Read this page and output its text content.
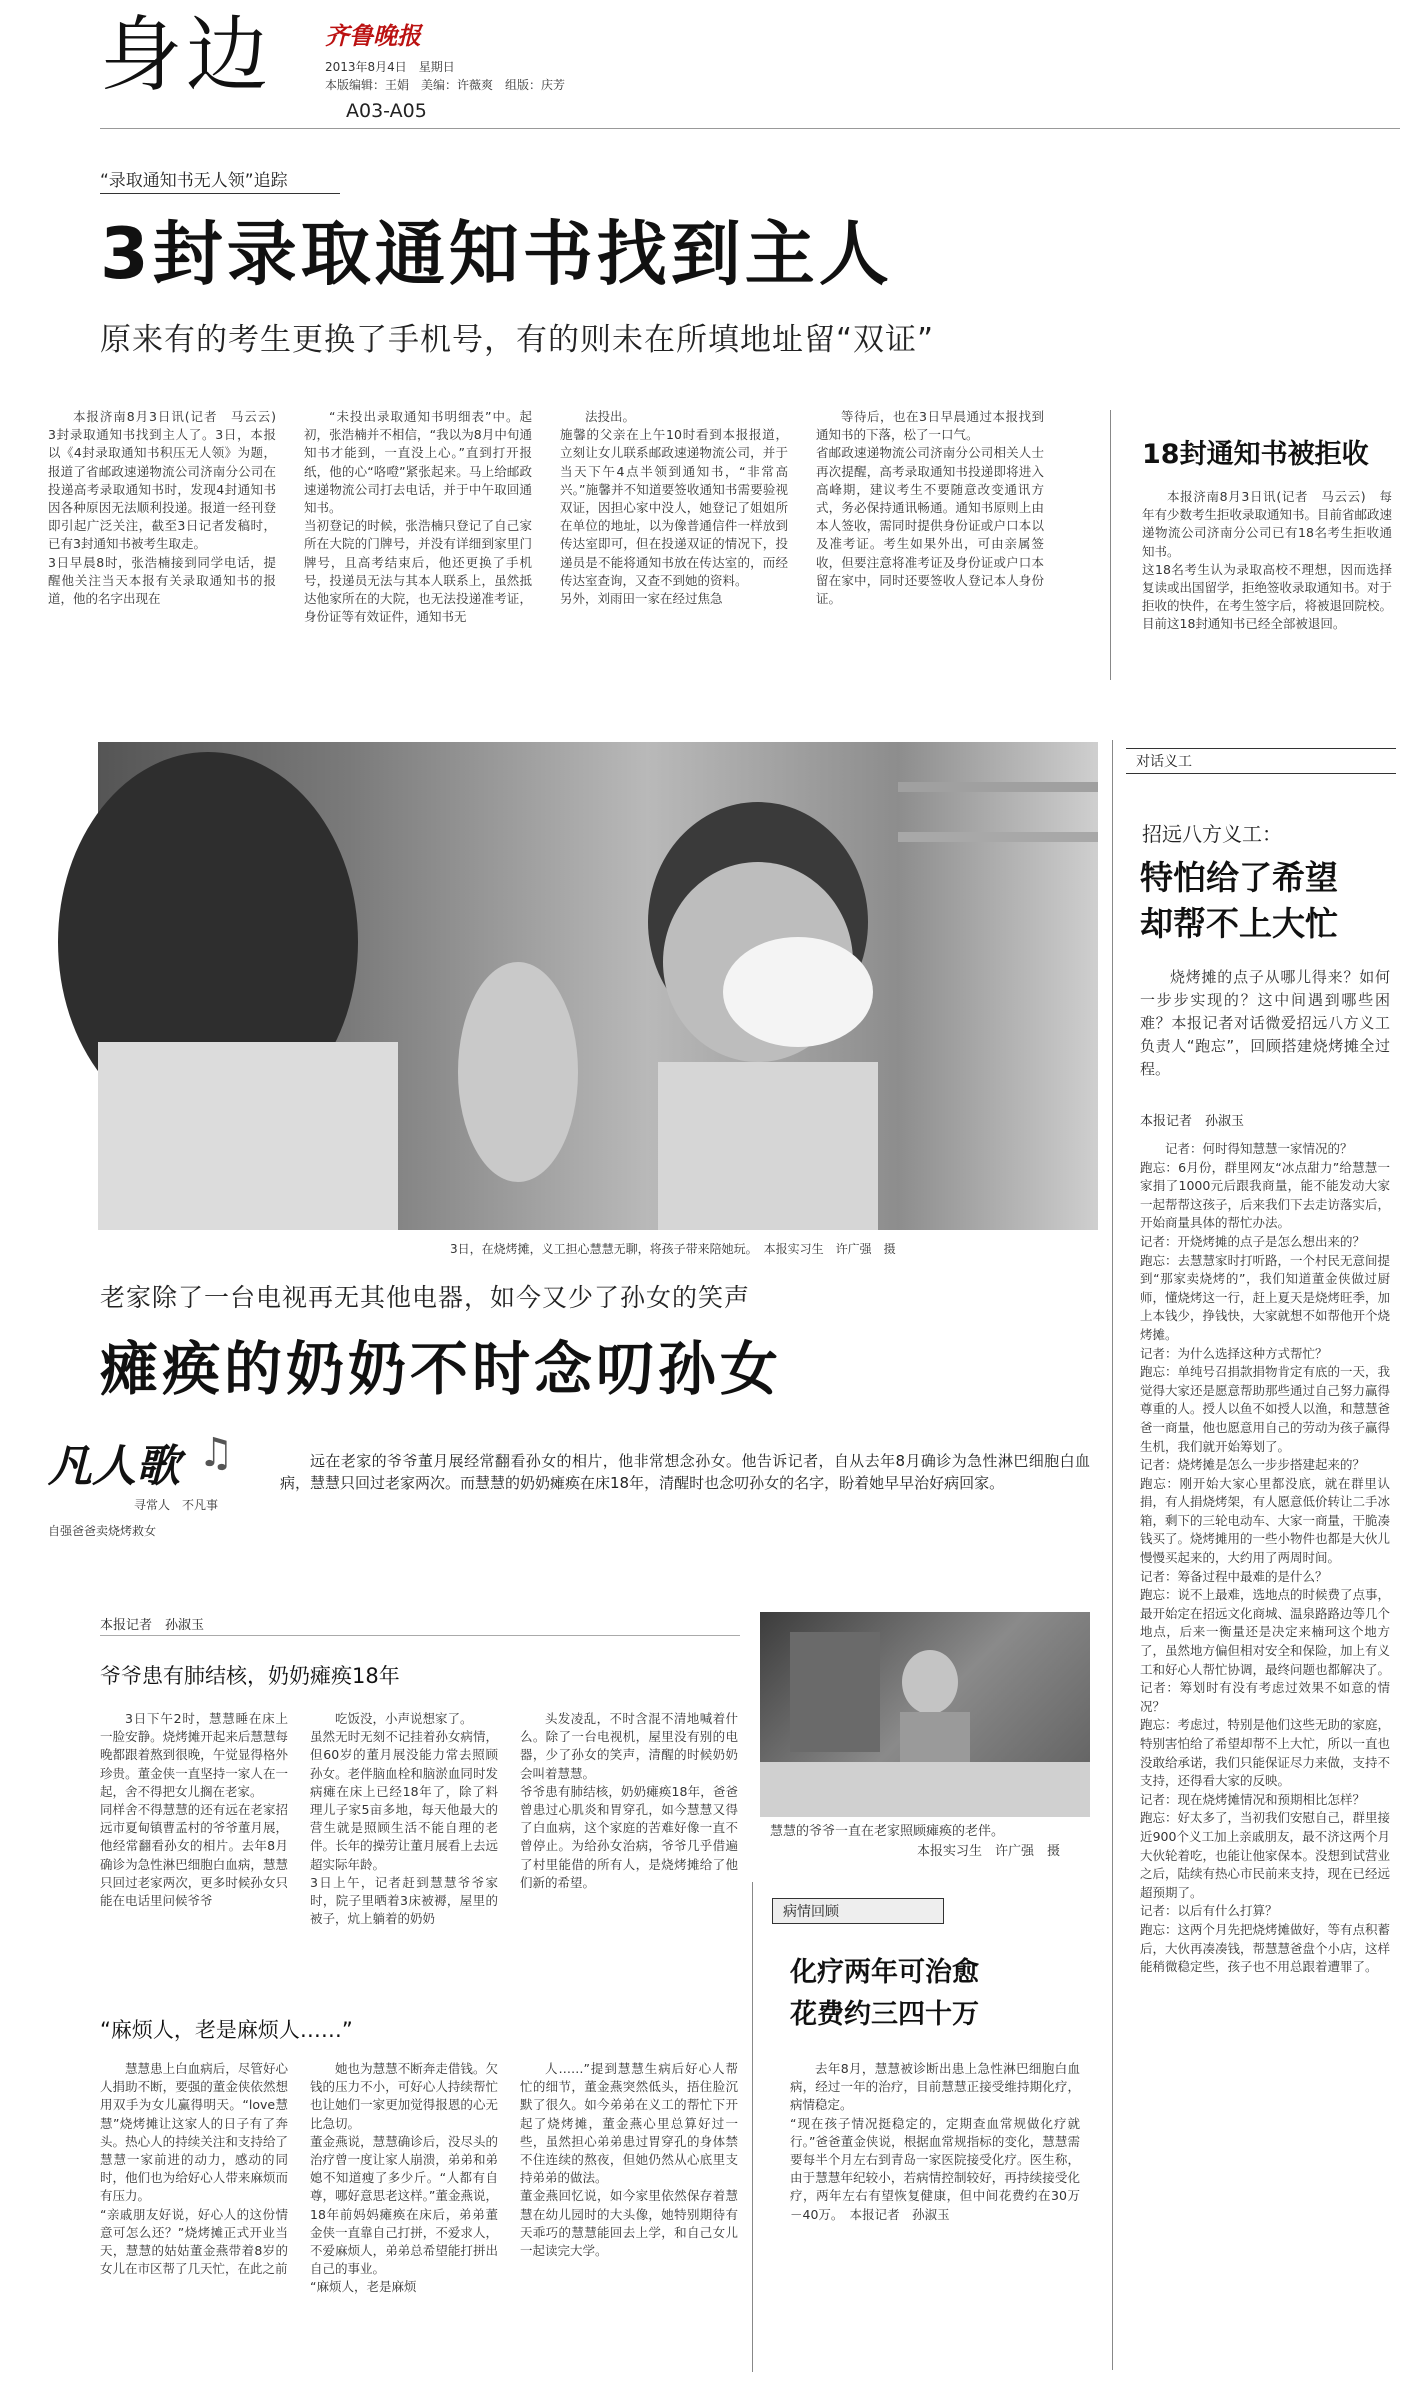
身边 齐鲁晚报
2013年8月4日　星期日
本版编辑：王娟　美编：许薇爽　组版：庆芳
A03-A05
“录取通知书无人领”追踪
3封录取通知书找到主人
原来有的考生更换了手机号，有的则未在所填地址留“双证”
本报济南8月3日讯(记者　马云云)　3封录取通知书找到主人了。3日，本报以《4封录取通知书积压无人领》为题，报道了省邮政速递物流公司济南分公司在投递高考录取通知书时，发现4封通知书因各种原因无法顺利投递。报道一经刊登即引起广泛关注，截至3日记者发稿时，已有3封通知书被考生取走。
3日早晨8时，张浩楠接到同学电话，提醒他关注当天本报有关录取通知书的报道，他的名字出现在
“未投出录取通知书明细表”中。起初，张浩楠并不相信，“我以为8月中旬通知书才能到，一直没上心。”直到打开报纸，他的心“咯噔”紧张起来。马上给邮政速递物流公司打去电话，并于中午取回通知书。
当初登记的时候，张浩楠只登记了自己家所在大院的门牌号，并没有详细到家里门牌号，且高考结束后，他还更换了手机号，投递员无法与其本人联系上，虽然抵达他家所在的大院，也无法投递准考证，身份证等有效证件，通知书无
法投出。
施馨的父亲在上午10时看到本报报道，立刻让女儿联系邮政速递物流公司，并于当天下午4点半领到通知书，“非常高兴。”施馨并不知道要签收通知书需要验视双证，因担心家中没人，她登记了姐姐所在单位的地址，以为像普通信件一样放到传达室即可，但在投递双证的情况下，投递员是不能将通知书放在传达室的，而经传达室查询，又查不到她的资料。
另外，刘雨田一家在经过焦急
等待后，也在3日早晨通过本报找到通知书的下落，松了一口气。
省邮政速递物流公司济南分公司相关人士再次提醒，高考录取通知书投递即将进入高峰期，建议考生不要随意改变通讯方式，务必保持通讯畅通。通知书原则上由本人签收，需同时提供身份证或户口本以及准考证。考生如果外出，可由亲属签收，但要注意将准考证及身份证或户口本留在家中，同时还要签收人登记本人身份证。
18封通知书被拒收
本报济南8月3日讯(记者　马云云)　每年有少数考生拒收录取通知书。目前省邮政速递物流公司济南分公司已有18名考生拒收通知书。
这18名考生认为录取高校不理想，因而选择复读或出国留学，拒绝签收录取通知书。对于拒收的快件，在考生签字后，将被退回院校。目前这18封通知书已经全部被退回。
3日，在烧烤摊，义工担心慧慧无聊，将孩子带来陪她玩。　本报实习生　许广强　摄
对话义工
招远八方义工：
特怕给了希望
却帮不上大忙
烧烤摊的点子从哪儿得来？如何一步步实现的？这中间遇到哪些困难？本报记者对话微爱招远八方义工负责人“跑忘”，回顾搭建烧烤摊全过程。
本报记者　孙淑玉
记者：何时得知慧慧一家情况的？
跑忘：6月份，群里网友“冰点甜力”给慧慧一家捐了1000元后跟我商量，能不能发动大家一起帮帮这孩子，后来我们下去走访落实后，开始商量具体的帮忙办法。
记者：开烧烤摊的点子是怎么想出来的？
跑忘：去慧慧家时打听路，一个村民无意间提到“那家卖烧烤的”，我们知道董金侠做过厨师，懂烧烤这一行，赶上夏天是烧烤旺季，加上本钱少，挣钱快，大家就想不如帮他开个烧烤摊。
记者：为什么选择这种方式帮忙？
跑忘：单纯号召捐款捐物肯定有底的一天，我觉得大家还是愿意帮助那些通过自己努力赢得尊重的人。授人以鱼不如授人以渔，和慧慧爸爸一商量，他也愿意用自己的劳动为孩子赢得生机，我们就开始筹划了。
记者：烧烤摊是怎么一步步搭建起来的？
跑忘：刚开始大家心里都没底，就在群里认捐，有人捐烧烤架，有人愿意低价转让二手冰箱，剩下的三轮电动车、大家一商量，干脆凑钱买了。烧烤摊用的一些小物件也都是大伙儿慢慢买起来的，大约用了两周时间。
记者：筹备过程中最难的是什么？
跑忘：说不上最难，选地点的时候费了点事，最开始定在招远文化商城、温泉路路边等几个地点，后来一衡量还是决定来楠珂这个地方了，虽然地方偏但相对安全和保险，加上有义工和好心人帮忙协调，最终问题也都解决了。
记者：筹划时有没有考虑过效果不如意的情况？
跑忘：考虑过，特别是他们这些无助的家庭，特别害怕给了希望却帮不上大忙，所以一直也没敢给承诺，我们只能保证尽力来做，支持不支持，还得看大家的反映。
记者：现在烧烤摊情况和预期相比怎样？
跑忘：好太多了，当初我们安慰自己，群里接近900个义工加上亲戚朋友，最不济这两个月大伙轮着吃，也能让他家保本。没想到试营业之后，陆续有热心市民前来支持，现在已经远超预期了。
记者：以后有什么打算？
跑忘：这两个月先把烧烤摊做好，等有点积蓄后，大伙再凑凑钱，帮慧慧爸盘个小店，这样能稍微稳定些，孩子也不用总跟着遭罪了。
老家除了一台电视再无其他电器，如今又少了孙女的笑声
瘫痪的奶奶不时念叨孙女
凡人歌 ♫
寻常人　不凡事
自强爸爸卖烧烤救女
远在老家的爷爷董月展经常翻看孙女的相片，他非常想念孙女。他告诉记者，自从去年8月确诊为急性淋巴细胞白血病，慧慧只回过老家两次。而慧慧的奶奶瘫痪在床18年，清醒时也念叨孙女的名字，盼着她早早治好病回家。
本报记者　孙淑玉
爷爷患有肺结核，奶奶瘫痪18年
3日下午2时，慧慧睡在床上一脸安静。烧烤摊开起来后慧慧每晚都跟着熬到很晚，午觉显得格外珍贵。董金侠一直坚持一家人在一起，舍不得把女儿搁在老家。
同样舍不得慧慧的还有远在老家招远市夏甸镇曹孟村的爷爷董月展，他经常翻看孙女的相片。去年8月确诊为急性淋巴细胞白血病，慧慧只回过老家两次，更多时候孙女只能在电话里问候爷爷
吃饭没，小声说想家了。
虽然无时无刻不记挂着孙女病情，但60岁的董月展没能力常去照顾孙女。老伴脑血栓和脑淤血同时发病瘫在床上已经18年了，除了料理儿子家5亩多地，每天他最大的营生就是照顾生活不能自理的老伴。长年的操劳让董月展看上去远超实际年龄。
3日上午，记者赶到慧慧爷爷家时，院子里晒着3床被褥，屋里的被子，炕上躺着的奶奶
头发凌乱，不时含混不清地喊着什么。除了一台电视机，屋里没有别的电器，少了孙女的笑声，清醒的时候奶奶会叫着慧慧。
爷爷患有肺结核，奶奶瘫痪18年，爸爸曾患过心肌炎和胃穿孔，如今慧慧又得了白血病，这个家庭的苦难好像一直不曾停止。为给孙女治病，爷爷几乎借遍了村里能借的所有人，是烧烤摊给了他们新的希望。
慧慧的爷爷一直在老家照顾瘫痪的老伴。
本报实习生　许广强　摄
“麻烦人，老是麻烦人……”
慧慧患上白血病后，尽管好心人捐助不断，要强的董金侠依然想用双手为女儿赢得明天。“love慧慧”烧烤摊让这家人的日子有了奔头。热心人的持续关注和支持给了慧慧一家前进的动力，感动的同时，他们也为给好心人带来麻烦而有压力。
“亲戚朋友好说，好心人的这份情意可怎么还？”烧烤摊正式开业当天，慧慧的姑姑董金燕带着8岁的女儿在市区帮了几天忙，在此之前
她也为慧慧不断奔走借钱。欠钱的压力不小，可好心人持续帮忙也让她们一家更加觉得报恩的心无比急切。
董金燕说，慧慧确诊后，没尽头的治疗曾一度让家人崩溃，弟弟和弟媳不知道瘦了多少斤。“人都有自尊，哪好意思老这样。”董金燕说，18年前妈妈瘫痪在床后，弟弟董金侠一直靠自己打拼，不爱求人，不爱麻烦人，弟弟总希望能打拼出自己的事业。
“麻烦人，老是麻烦
人……”提到慧慧生病后好心人帮忙的细节，董金燕突然低头，捂住脸沉默了很久。如今弟弟在义工的帮忙下开起了烧烤摊，董金燕心里总算好过一些，虽然担心弟弟患过胃穿孔的身体禁不住连续的熬夜，但她仍然从心底里支持弟弟的做法。
董金燕回忆说，如今家里依然保存着慧慧在幼儿园时的大头像，她特别期待有天乖巧的慧慧能回去上学，和自己女儿一起读完大学。
病情回顾
化疗两年可治愈
花费约三四十万
去年8月，慧慧被诊断出患上急性淋巴细胞白血病，经过一年的治疗，目前慧慧正接受维持期化疗，病情稳定。
“现在孩子情况挺稳定的，定期查血常规做化疗就行。”爸爸董金侠说，根据血常规指标的变化，慧慧需要每半个月左右到青岛一家医院接受化疗。医生称，由于慧慧年纪较小，若病情控制较好，再持续接受化疗，两年左右有望恢复健康，但中间花费约在30万－40万。　本报记者　孙淑玉
